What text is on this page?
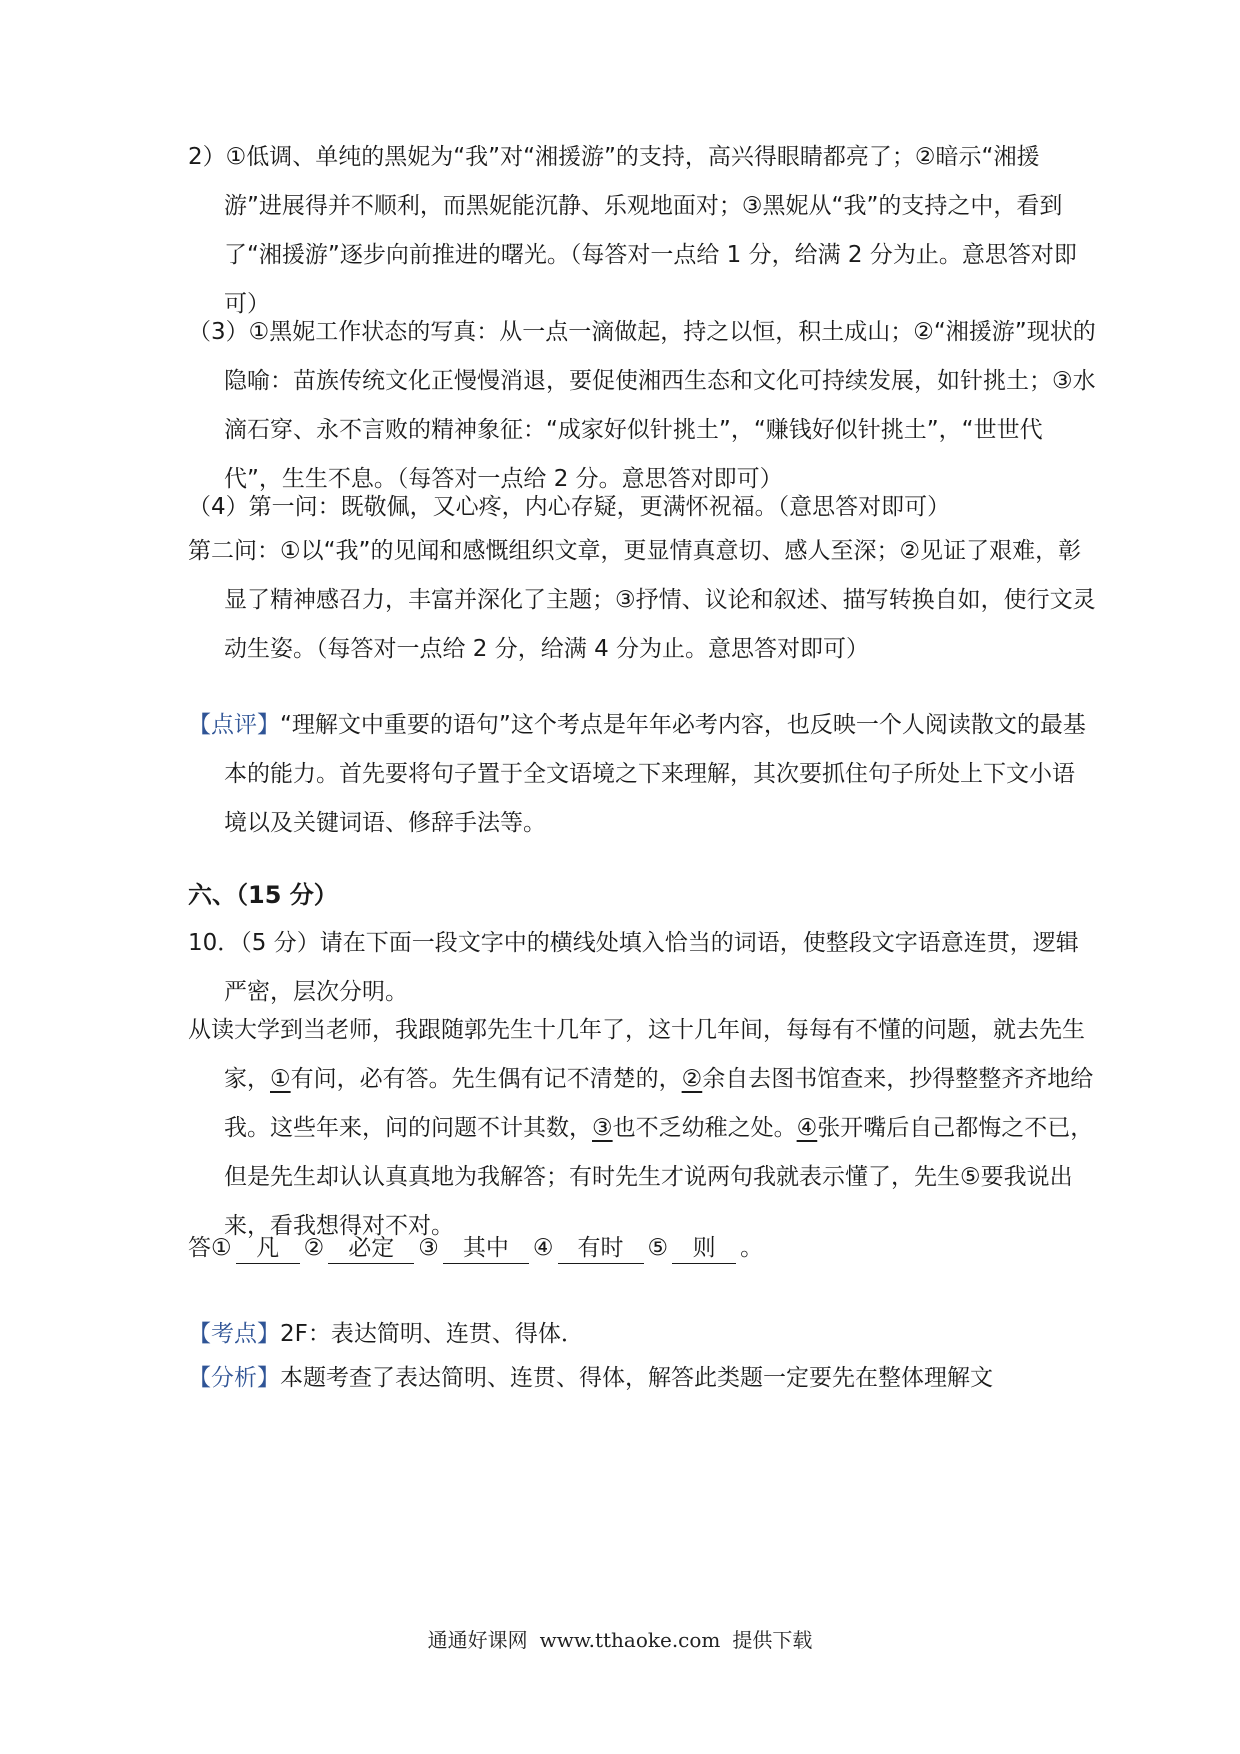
2）①低调、单纯的黑妮为“我”对“湘援游”的支持，高兴得眼睛都亮了；②暗示“湘援游”进展得并不顺利，而黑妮能沉静、乐观地面对；③黑妮从“我”的支持之中，看到了“湘援游”逐步向前推进的曙光。（每答对一点给 1 分，给满 2 分为止。意思答对即可）
（3）①黑妮工作状态的写真：从一点一滴做起，持之以恒，积土成山；②“湘援游”现状的隐喻：苗族传统文化正慢慢消退，要促使湘西生态和文化可持续发展，如针挑土；③水滴石穿、永不言败的精神象征：“成家好似针挑土”，“赚钱好似针挑土”，“世世代代”，生生不息。（每答对一点给 2 分。意思答对即可）
（4）第一问：既敬佩，又心疼，内心存疑，更满怀祝福。（意思答对即可）
第二问：①以“我”的见闻和感慨组织文章，更显情真意切、感人至深；②见证了艰难，彰显了精神感召力，丰富并深化了主题；③抒情、议论和叙述、描写转换自如，使行文灵动生姿。（每答对一点给 2 分，给满 4 分为止。意思答对即可）
【点评】“理解文中重要的语句”这个考点是年年必考内容，也反映一个人阅读散文的最基本的能力。首先要将句子置于全文语境之下来理解，其次要抓住句子所处上下文小语境以及关键词语、修辞手法等。
六、（15 分）
10．（5 分）请在下面一段文字中的横线处填入恰当的词语，使整段文字语意连贯，逻辑严密，层次分明。
从读大学到当老师，我跟随郭先生十几年了，这十几年间，每每有不懂的问题，就去先生家，①有问，必有答。先生偶有记不清楚的，②余自去图书馆查来，抄得整整齐齐地给我。这些年来，问的问题不计其数，③也不乏幼稚之处。④张开嘴后自己都悔之不已，但是先生却认认真真地为我解答；有时先生才说两句我就表示懂了，先生⑤要我说出来，看我想得对不对。
答① 凡 ② 必定 ③ 其中 ④ 有时 ⑤ 则 。
【考点】2F：表达简明、连贯、得体．
【分析】本题考查了表达简明、连贯、得体，解答此类题一定要先在整体理解文
通通好课网 www.tthaoke.com 提供下载
